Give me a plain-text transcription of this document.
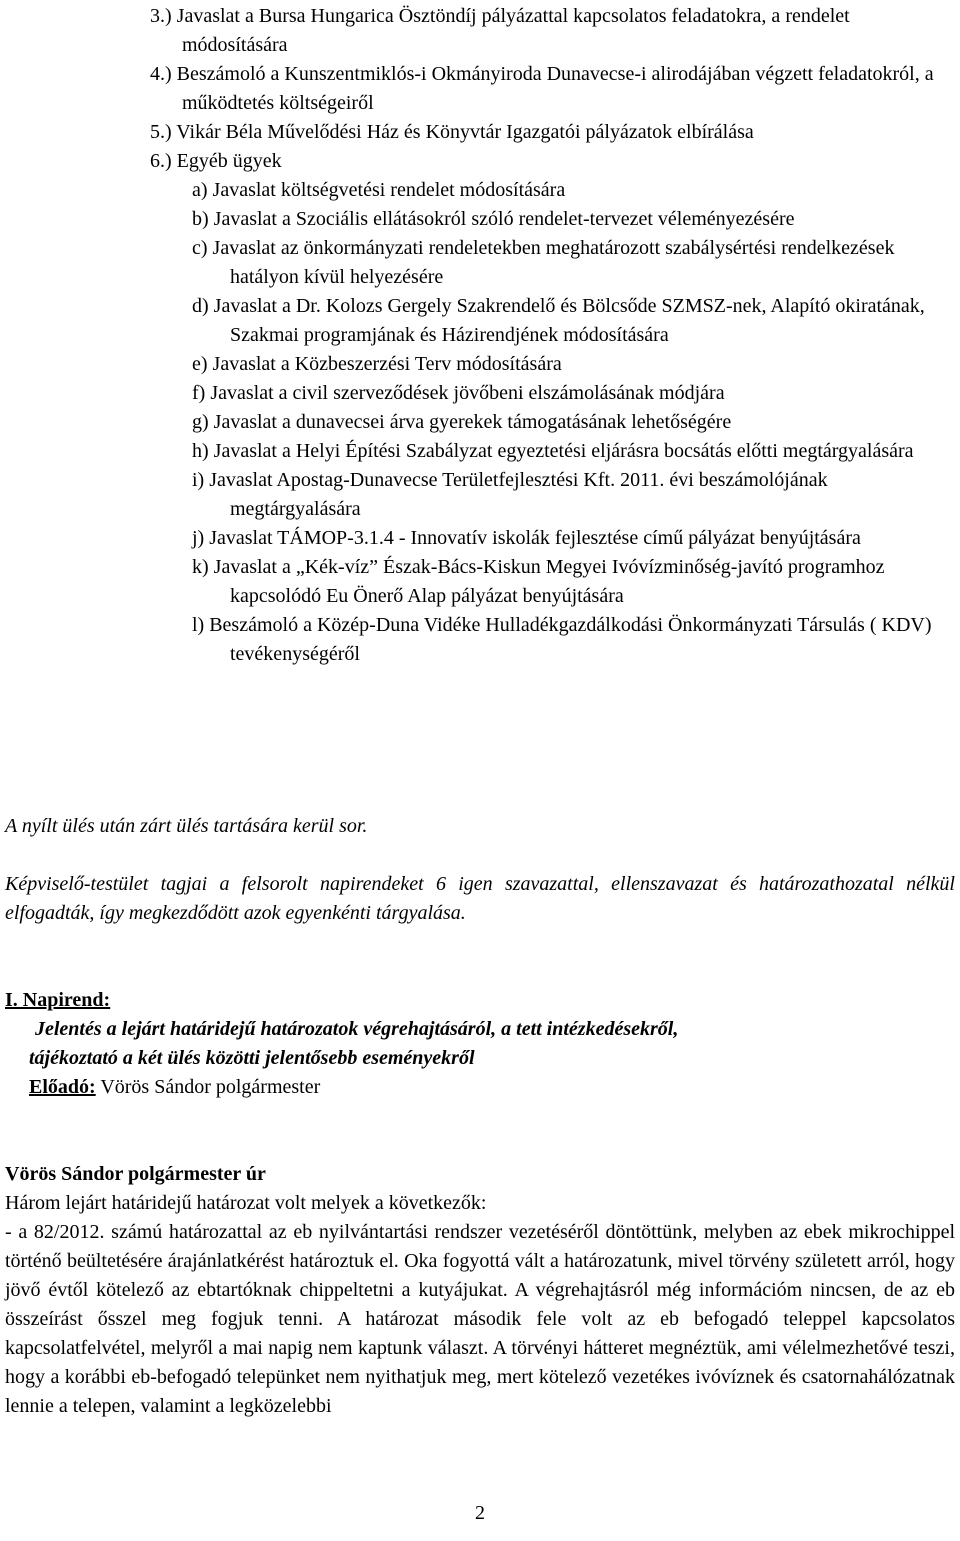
3.) Javaslat a Bursa Hungarica Ösztöndíj pályázattal kapcsolatos feladatokra, a rendelet módosítására
4.) Beszámoló a Kunszentmiklós-i Okmányiroda Dunavecse-i alirodájában végzett feladatokról, a működtetés költségeiről
5.) Vikár Béla Művelődési Ház és Könyvtár Igazgatói pályázatok elbírálása
6.) Egyéb ügyek
a) Javaslat költségvetési rendelet módosítására
b) Javaslat a Szociális ellátásokról szóló rendelet-tervezet véleményezésére
c) Javaslat az önkormányzati rendeletekben meghatározott szabálysértési rendelkezések hatályon kívül helyezésére
d) Javaslat a Dr. Kolozs Gergely Szakrendelő és Bölcsőde SZMSZ-nek, Alapító okiratának, Szakmai programjának és Házirendjének módosítására
e) Javaslat a Közbeszerzési Terv módosítására
f) Javaslat a civil szerveződések jövőbeni elszámolásának módjára
g) Javaslat a dunavecsei árva gyerekek támogatásának lehetőségére
h) Javaslat a Helyi Építési Szabályzat egyeztetési eljárásra bocsátás előtti megtárgyalására
i) Javaslat Apostag-Dunavecse Területfejlesztési Kft. 2011. évi beszámolójának megtárgyalására
j) Javaslat TÁMOP-3.1.4 - Innovatív iskolák fejlesztése című pályázat benyújtására
k) Javaslat a „Kék-víz” Észak-Bács-Kiskun Megyei Ivóvízminőség-javító programhoz kapcsolódó Eu Önerő Alap pályázat benyújtására
l) Beszámoló a Közép-Duna Vidéke Hulladékgazdálkodási Önkormányzati Társulás ( KDV) tevékenységéről
A nyílt ülés után zárt ülés tartására kerül sor.
Képviselő-testület tagjai a felsorolt napirendeket 6 igen szavazattal, ellenszavazat és határozathozatal nélkül elfogadták, így megkezdődött azok egyenkénti tárgyalása.
I. Napirend:
Jelentés a lejárt határidejű határozatok végrehajtásáról, a tett intézkedésekről,
tájékoztató a két ülés közötti jelentősebb eseményekről
Előadó: Vörös Sándor polgármester
Vörös Sándor polgármester úr
Három lejárt határidejű határozat volt melyek a következők:
- a 82/2012. számú határozattal az eb nyilvántartási rendszer vezetéséről döntöttünk, melyben az ebek mikrochippel történő beültetésére árajánlatkérést határoztuk el. Oka fogyottá vált a határozatunk, mivel törvény született arról, hogy jövő évtől kötelező az ebtartóknak chippeltetni a kutyájukat. A végrehajtásról még információm nincsen, de az eb összeírást ősszel meg fogjuk tenni. A határozat második fele volt az eb befogadó teleppel kapcsolatos kapcsolatfelvétel, melyről a mai napig nem kaptunk választ. A törvényi hátteret megnéztük, ami vélelmezhetővé teszi, hogy a korábbi eb-befogadó telepünket nem nyithatjuk meg, mert kötelező vezetékes ivóvíznek és csatornahálózatnak lennie a telepen, valamint a legközelebbi
2
